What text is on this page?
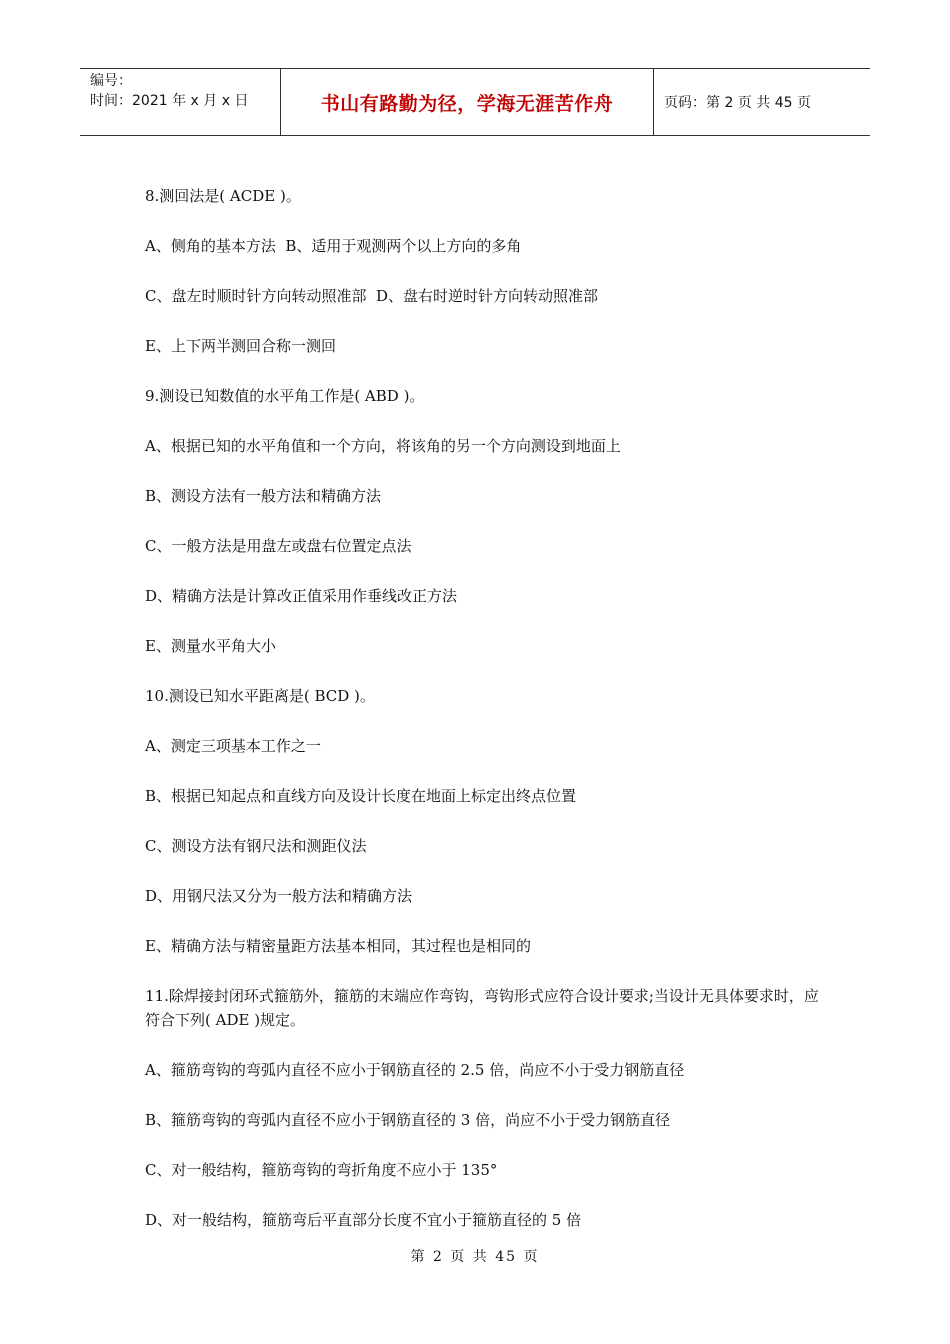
编号：
时间：2021 年 x 月 x 日	书山有路勤为径，学海无涯苦作舟	页码：第 2 页 共 45 页

8.测回法是( ACDE )。

A、侧角的基本方法  B、适用于观测两个以上方向的多角

C、盘左时顺时针方向转动照准部  D、盘右时逆时针方向转动照准部

E、上下两半测回合称一测回

9.测设已知数值的水平角工作是( ABD )。

A、根据已知的水平角值和一个方向，将该角的另一个方向测设到地面上

B、测设方法有一般方法和精确方法

C、一般方法是用盘左或盘右位置定点法

D、精确方法是计算改正值采用作垂线改正方法

E、测量水平角大小

10.测设已知水平距离是( BCD )。

A、测定三项基本工作之一

B、根据已知起点和直线方向及设计长度在地面上标定出终点位置

C、测设方法有钢尺法和测距仪法

D、用钢尺法又分为一般方法和精确方法

E、精确方法与精密量距方法基本相同，其过程也是相同的

11.除焊接封闭环式箍筋外，箍筋的末端应作弯钩，弯钩形式应符合设计要求;当设计无具体要求时，应符合下列( ADE )规定。

A、箍筋弯钩的弯弧内直径不应小于钢筋直径的 2.5 倍，尚应不小于受力钢筋直径

B、箍筋弯钩的弯弧内直径不应小于钢筋直径的 3 倍，尚应不小于受力钢筋直径

C、对一般结构，箍筋弯钩的弯折角度不应小于 135°

D、对一般结构，箍筋弯后平直部分长度不宜小于箍筋直径的 5 倍

第 2 页 共 45 页
